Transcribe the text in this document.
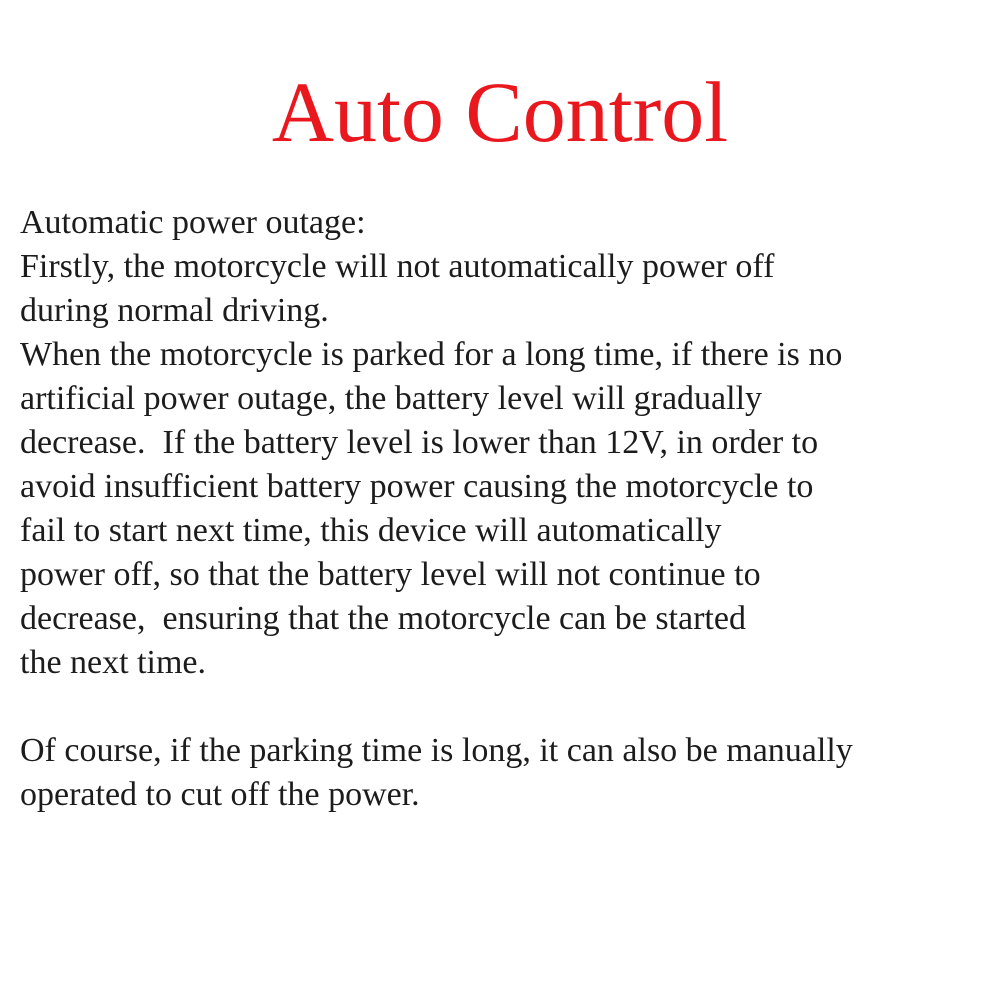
Auto Control
Automatic power outage:
Firstly, the motorcycle will not automatically power off
during normal driving.
When the motorcycle is parked for a long time, if there is no
artificial power outage, the battery level will gradually
decrease.  If the battery level is lower than 12V, in order to
avoid insufficient battery power causing the motorcycle to
fail to start next time, this device will automatically
power off, so that the battery level will not continue to
decrease,  ensuring that the motorcycle can be started
the next time.
Of course, if the parking time is long, it can also be manually
operated to cut off the power.
